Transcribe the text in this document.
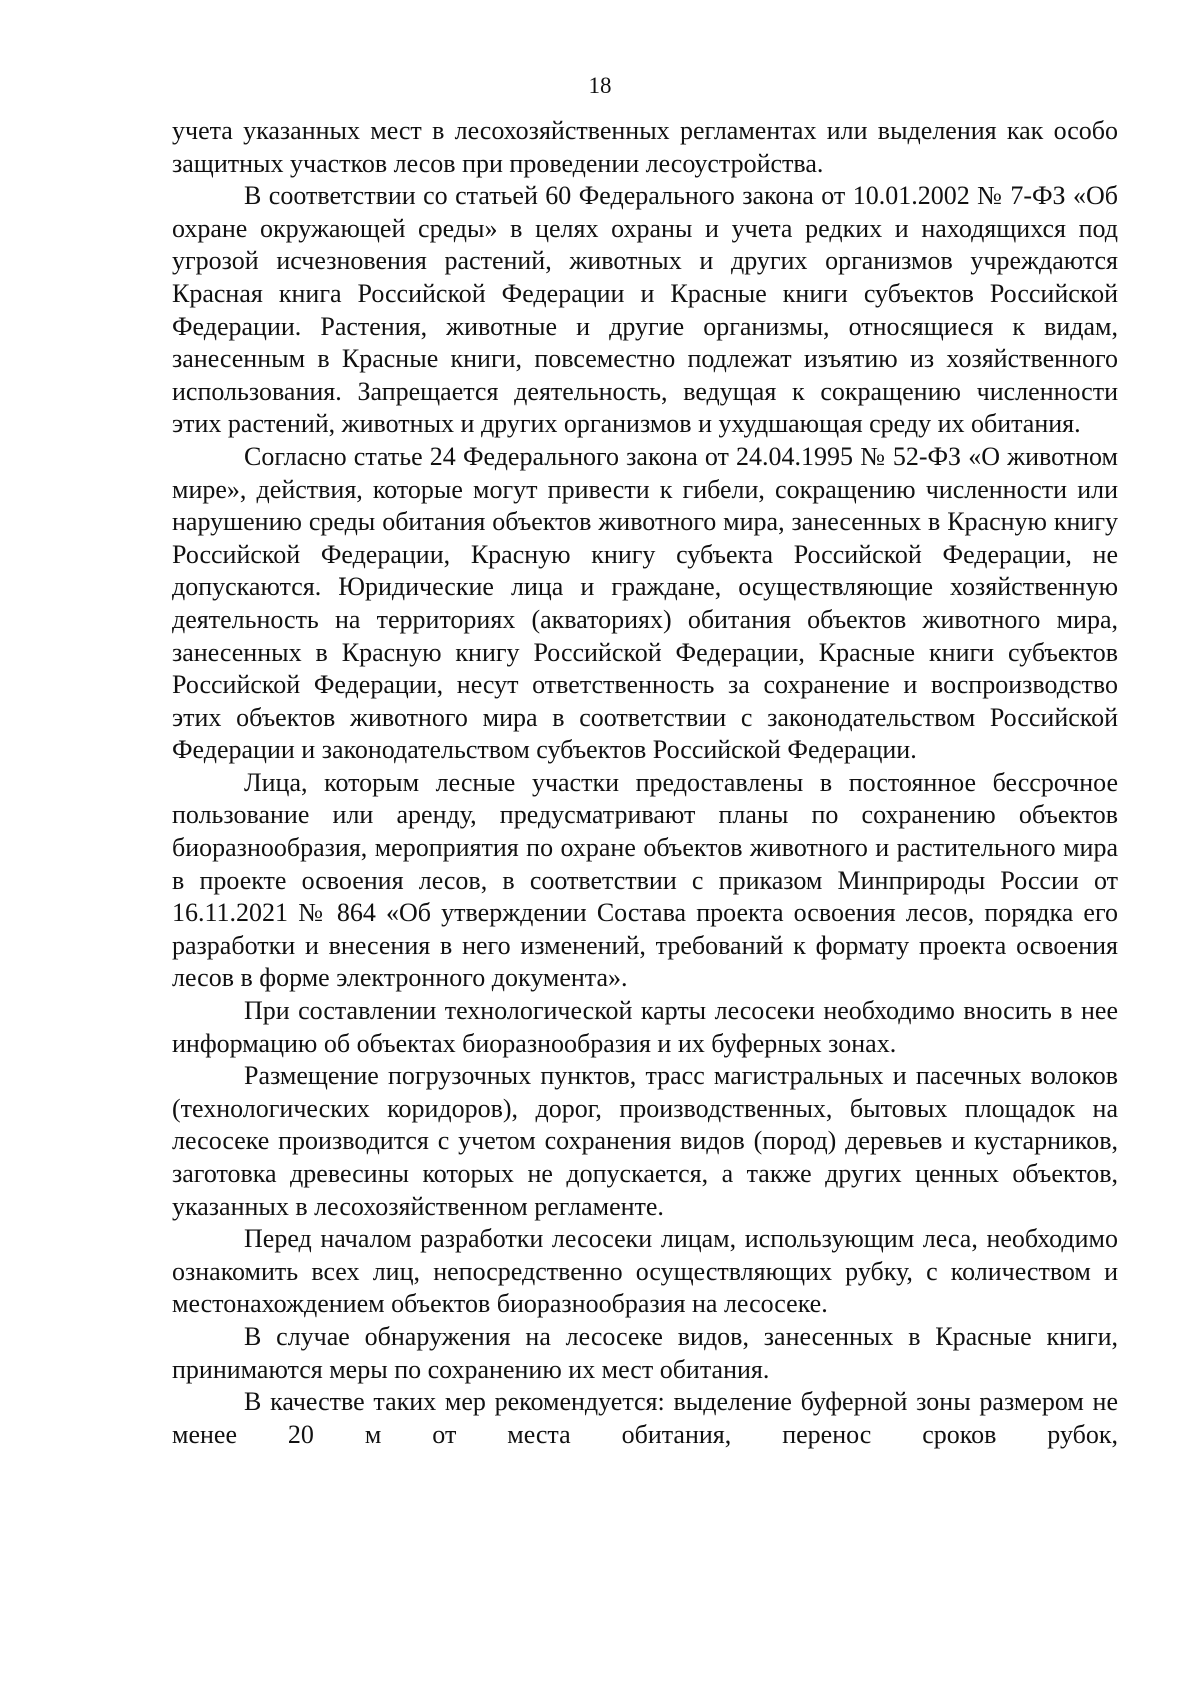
18

учета указанных мест в лесохозяйственных регламентах или выделения как особо защитных участков лесов при проведении лесоустройства.

В соответствии со статьей 60 Федерального закона от 10.01.2002 № 7-ФЗ «Об охране окружающей среды» в целях охраны и учета редких и находящихся под угрозой исчезновения растений, животных и других организмов учреждаются Красная книга Российской Федерации и Красные книги субъектов Российской Федерации. Растения, животные и другие организмы, относящиеся к видам, занесенным в Красные книги, повсеместно подлежат изъятию из хозяйственного использования. Запрещается деятельность, ведущая к сокращению численности этих растений, животных и других организмов и ухудшающая среду их обитания.

Согласно статье 24 Федерального закона от 24.04.1995 № 52-ФЗ «О животном мире», действия, которые могут привести к гибели, сокращению численности или нарушению среды обитания объектов животного мира, занесенных в Красную книгу Российской Федерации, Красную книгу субъекта Российской Федерации, не допускаются. Юридические лица и граждане, осуществляющие хозяйственную деятельность на территориях (акваториях) обитания объектов животного мира, занесенных в Красную книгу Российской Федерации, Красные книги субъектов Российской Федерации, несут ответственность за сохранение и воспроизводство этих объектов животного мира в соответствии с законодательством Российской Федерации и законодательством субъектов Российской Федерации.

Лица, которым лесные участки предоставлены в постоянное бессрочное пользование или аренду, предусматривают планы по сохранению объектов биоразнообразия, мероприятия по охране объектов животного и растительного мира в проекте освоения лесов, в соответствии с приказом Минприроды России от 16.11.2021 № 864 «Об утверждении Состава проекта освоения лесов, порядка его разработки и внесения в него изменений, требований к формату проекта освоения лесов в форме электронного документа».

При составлении технологической карты лесосеки необходимо вносить в нее информацию об объектах биоразнообразия и их буферных зонах.

Размещение погрузочных пунктов, трасс магистральных и пасечных волоков (технологических коридоров), дорог, производственных, бытовых площадок на лесосеке производится с учетом сохранения видов (пород) деревьев и кустарников, заготовка древесины которых не допускается, а также других ценных объектов, указанных в лесохозяйственном регламенте.

Перед началом разработки лесосеки лицам, использующим леса, необходимо ознакомить всех лиц, непосредственно осуществляющих рубку, с количеством и местонахождением объектов биоразнообразия на лесосеке.

В случае обнаружения на лесосеке видов, занесенных в Красные книги, принимаются меры по сохранению их мест обитания.

В качестве таких мер рекомендуется: выделение буферной зоны размером не менее 20 м от места обитания, перенос сроков рубок,
